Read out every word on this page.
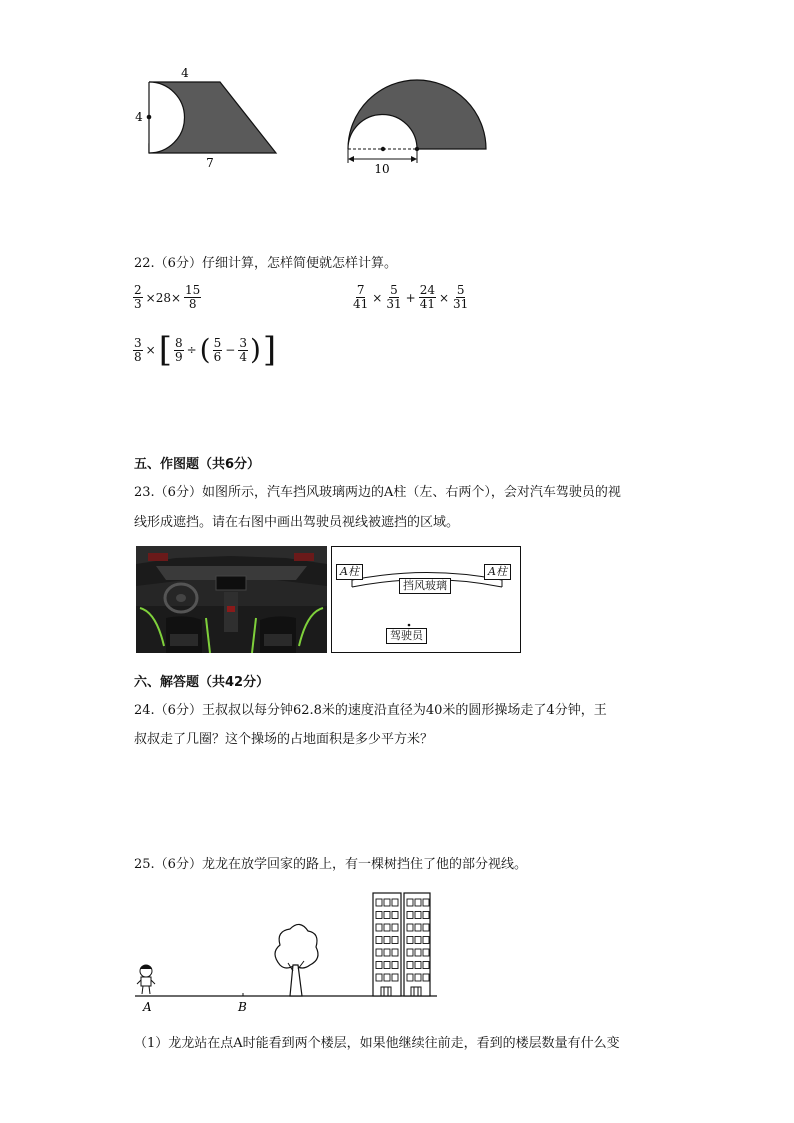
4
4
7	10
22.（6分）仔细计算，怎样简便就怎样计算。
$\frac{2}{3} \times 28\times \frac{15}{8}$	$\frac{7}{41} \times \frac{5}{31} + \frac{24}{41} \times \frac{5}{31}$
$\frac{3}{8}$ × [ $\frac{8}{9}$ ÷ ( $\frac{5}{6} - \frac{3}{4}$ ) ]
五、作图题（共6分）
23.（6分）如图所示，汽车挡风玻璃两边的A柱（左、右两个），会对汽车驾驶员的视
线形成遮挡。请在右图中画出驾驶员视线被遮挡的区域。
A柱	A柱
挡风玻璃
驾驶员
六、解答题（共42分）
24.（6分）王叔叔以每分钟62.8米的速度沿直径为40米的圆形操场走了4分钟，王
叔叔走了几圈？这个操场的占地面积是多少平方米？
25.（6分）龙龙在放学回家的路上，有一棵树挡住了他的部分视线。
A	B
（1）龙龙站在点A时能看到两个楼层，如果他继续往前走，看到的楼层数量有什么变
